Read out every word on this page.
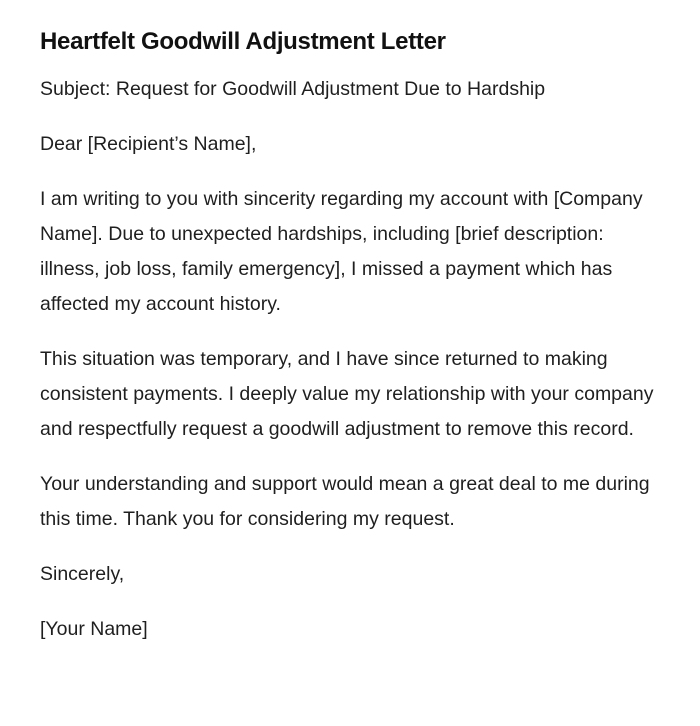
Heartfelt Goodwill Adjustment Letter

Subject: Request for Goodwill Adjustment Due to Hardship

Dear [Recipient’s Name],

I am writing to you with sincerity regarding my account with [Company Name]. Due to unexpected hardships, including [brief description: illness, job loss, family emergency], I missed a payment which has affected my account history.

This situation was temporary, and I have since returned to making consistent payments. I deeply value my relationship with your company and respectfully request a goodwill adjustment to remove this record.

Your understanding and support would mean a great deal to me during this time. Thank you for considering my request.

Sincerely,

[Your Name]
